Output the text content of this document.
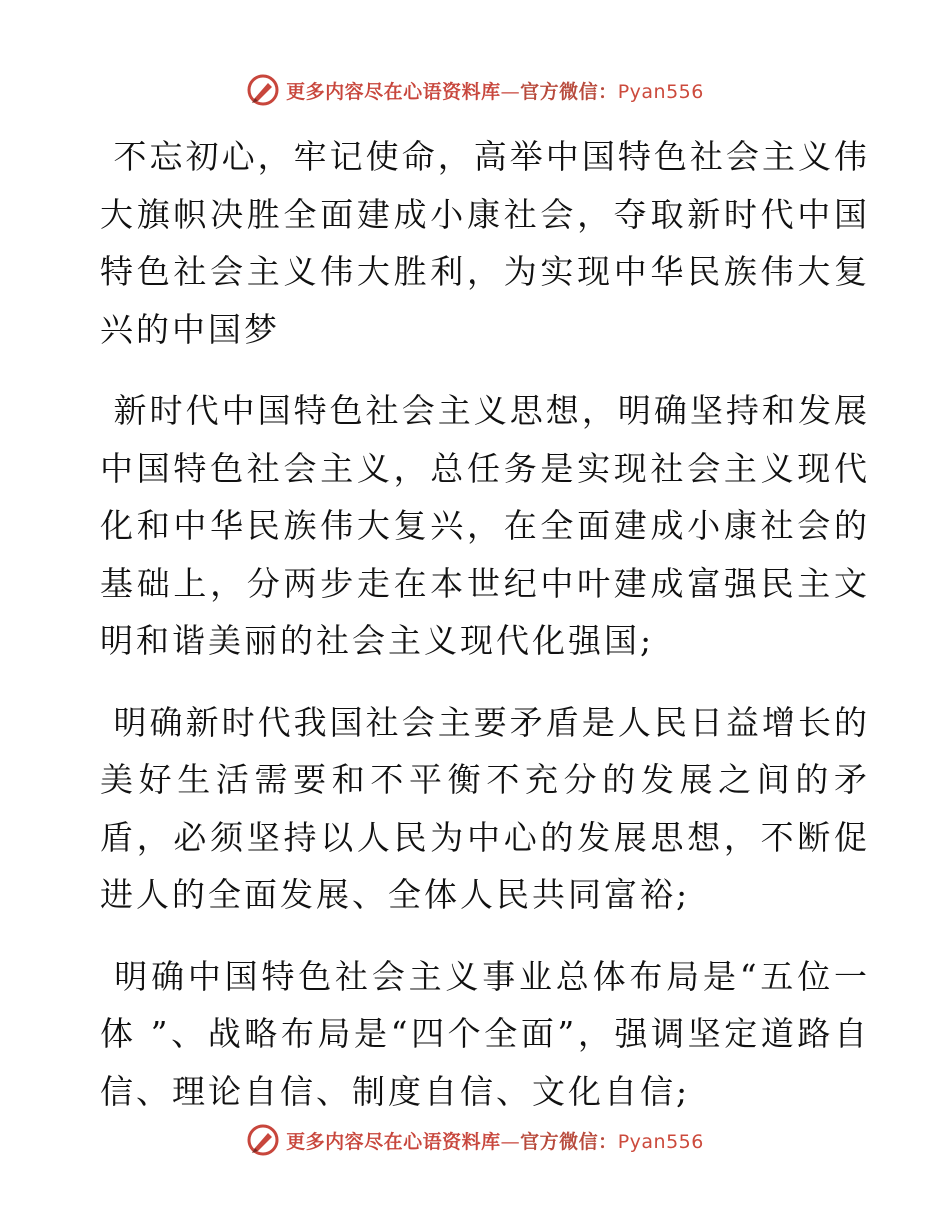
更多内容尽在心语资料库—官方微信：Pyan556

不忘初心，牢记使命，高举中国特色社会主义伟大旗帜决胜全面建成小康社会，夺取新时代中国特色社会主义伟大胜利，为实现中华民族伟大复兴的中国梦

新时代中国特色社会主义思想，明确坚持和发展中国特色社会主义，总任务是实现社会主义现代化和中华民族伟大复兴，在全面建成小康社会的基础上，分两步走在本世纪中叶建成富强民主文明和谐美丽的社会主义现代化强国;

明确新时代我国社会主要矛盾是人民日益增长的美好生活需要和不平衡不充分的发展之间的矛盾，必须坚持以人民为中心的发展思想，不断促进人的全面发展、全体人民共同富裕;

明确中国特色社会主义事业总体布局是“五位一体 ”、战略布局是“四个全面”，强调坚定道路自信、理论自信、制度自信、文化自信;

更多内容尽在心语资料库—官方微信：Pyan556
